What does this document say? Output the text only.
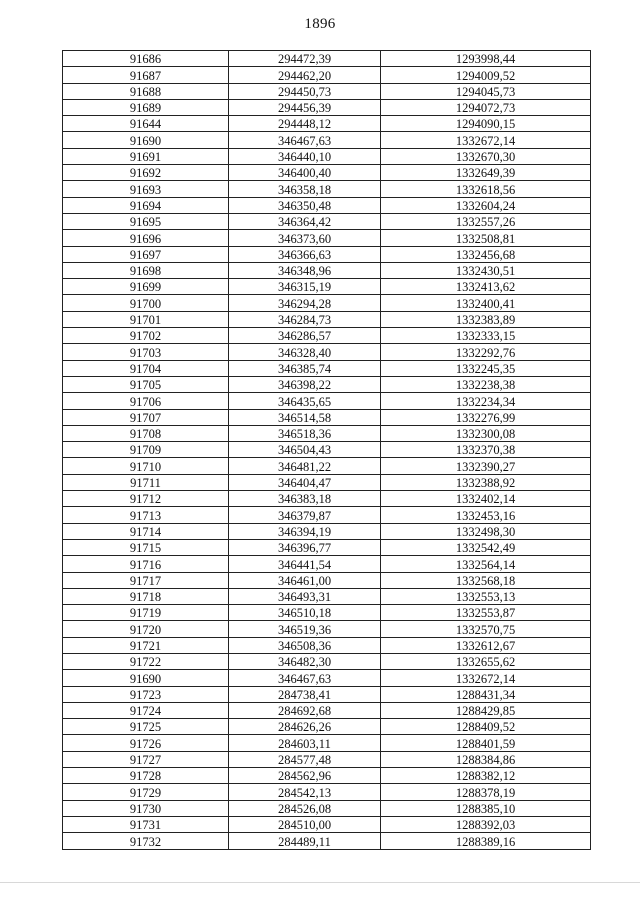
1896
91686	294472,39	1293998,44
91687	294462,20	1294009,52
91688	294450,73	1294045,73
91689	294456,39	1294072,73
91644	294448,12	1294090,15
91690	346467,63	1332672,14
91691	346440,10	1332670,30
91692	346400,40	1332649,39
91693	346358,18	1332618,56
91694	346350,48	1332604,24
91695	346364,42	1332557,26
91696	346373,60	1332508,81
91697	346366,63	1332456,68
91698	346348,96	1332430,51
91699	346315,19	1332413,62
91700	346294,28	1332400,41
91701	346284,73	1332383,89
91702	346286,57	1332333,15
91703	346328,40	1332292,76
91704	346385,74	1332245,35
91705	346398,22	1332238,38
91706	346435,65	1332234,34
91707	346514,58	1332276,99
91708	346518,36	1332300,08
91709	346504,43	1332370,38
91710	346481,22	1332390,27
91711	346404,47	1332388,92
91712	346383,18	1332402,14
91713	346379,87	1332453,16
91714	346394,19	1332498,30
91715	346396,77	1332542,49
91716	346441,54	1332564,14
91717	346461,00	1332568,18
91718	346493,31	1332553,13
91719	346510,18	1332553,87
91720	346519,36	1332570,75
91721	346508,36	1332612,67
91722	346482,30	1332655,62
91690	346467,63	1332672,14
91723	284738,41	1288431,34
91724	284692,68	1288429,85
91725	284626,26	1288409,52
91726	284603,11	1288401,59
91727	284577,48	1288384,86
91728	284562,96	1288382,12
91729	284542,13	1288378,19
91730	284526,08	1288385,10
91731	284510,00	1288392,03
91732	284489,11	1288389,16
